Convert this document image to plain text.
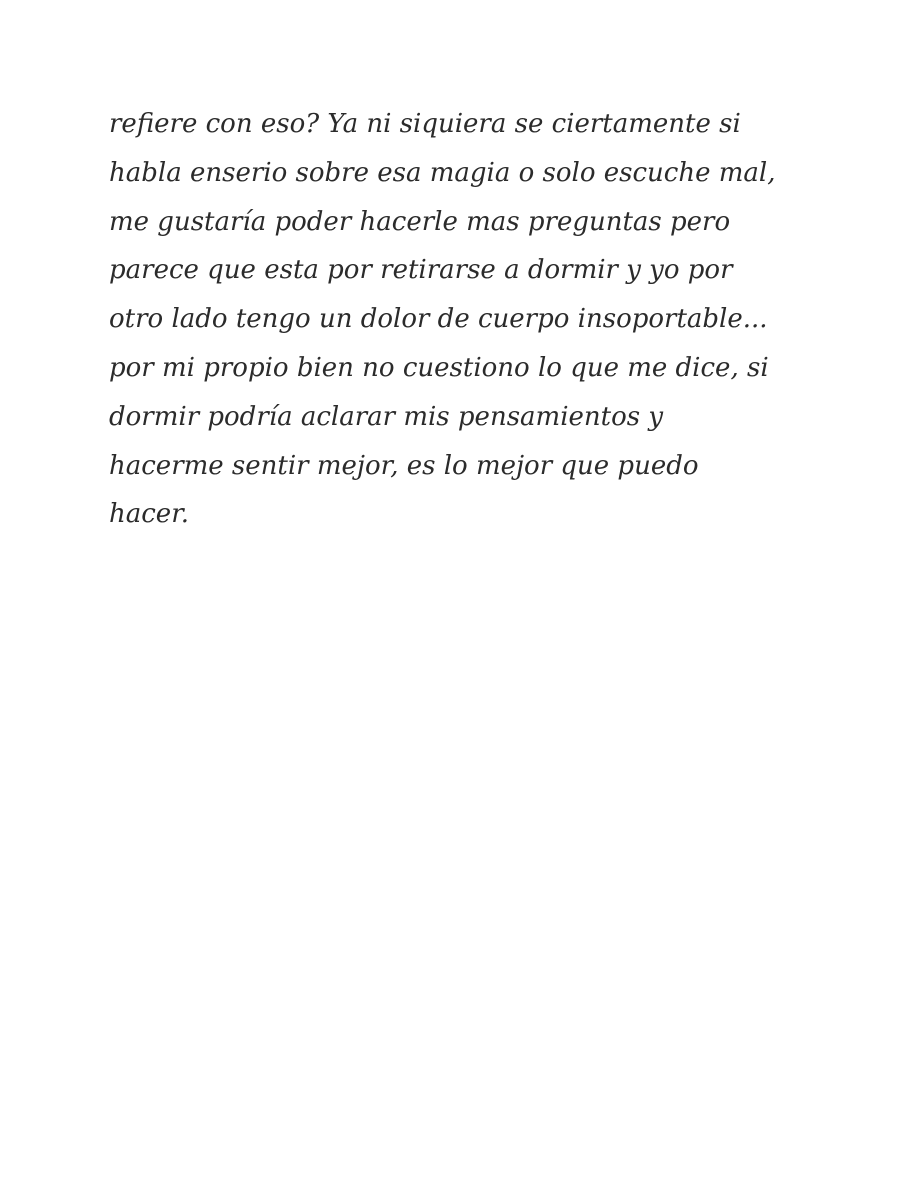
refiere con eso? Ya ni siquiera se ciertamente si
habla enserio sobre esa magia o solo escuche mal,
me gustaría poder hacerle mas preguntas pero
parece que esta por retirarse a dormir y yo por
otro lado tengo un dolor de cuerpo insoportable...
por mi propio bien no cuestiono lo que me dice, si
dormir podría aclarar mis pensamientos y
hacerme sentir mejor, es lo mejor que puedo
hacer.
